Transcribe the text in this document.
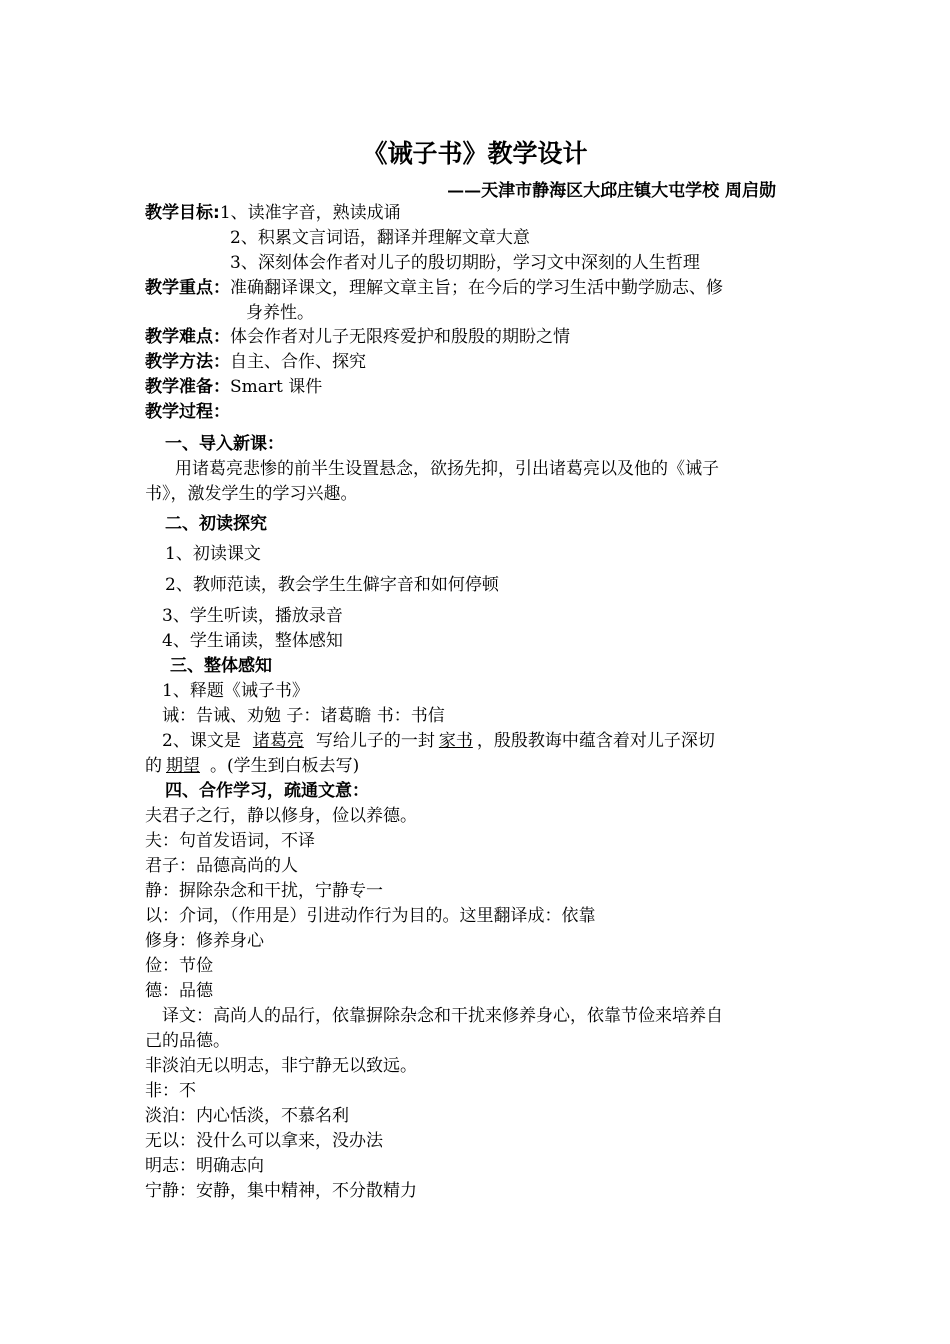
《诫子书》教学设计
——天津市静海区大邱庄镇大屯学校 周启勋
教学目标:1、读准字音，熟读成诵
2、积累文言词语，翻译并理解文章大意
3、深刻体会作者对儿子的殷切期盼，学习文中深刻的人生哲理
教学重点：准确翻译课文，理解文章主旨；在今后的学习生活中勤学励志、修
身养性。
教学难点：体会作者对儿子无限疼爱护和殷殷的期盼之情
教学方法：自主、合作、探究
教学准备：Smart 课件
教学过程：
一、导入新课：
用诸葛亮悲惨的前半生设置悬念，欲扬先抑，引出诸葛亮以及他的《诫子
书》，激发学生的学习兴趣。
二、初读探究
1、初读课文
2、教师范读，教会学生生僻字音和如何停顿
3、学生听读，播放录音
4、学生诵读，整体感知
三、整体感知
1、释题《诫子书》
诫：告诫、劝勉 子：诸葛瞻 书：书信
2、课文是 诸葛亮 写给儿子的一封 家书 ，殷殷教诲中蕴含着对儿子深切
的 期望 。(学生到白板去写)
四、合作学习，疏通文意：
夫君子之行，静以修身，俭以养德。
夫：句首发语词，不译
君子：品德高尚的人
静：摒除杂念和干扰，宁静专一
以：介词，（作用是）引进动作行为目的。这里翻译成：依靠
修身：修养身心
俭：节俭
德：品德
译文：高尚人的品行，依靠摒除杂念和干扰来修养身心，依靠节俭来培养自
己的品德。
非淡泊无以明志，非宁静无以致远。
非：不
淡泊：内心恬淡，不慕名利
无以：没什么可以拿来，没办法
明志：明确志向
宁静：安静，集中精神，不分散精力
